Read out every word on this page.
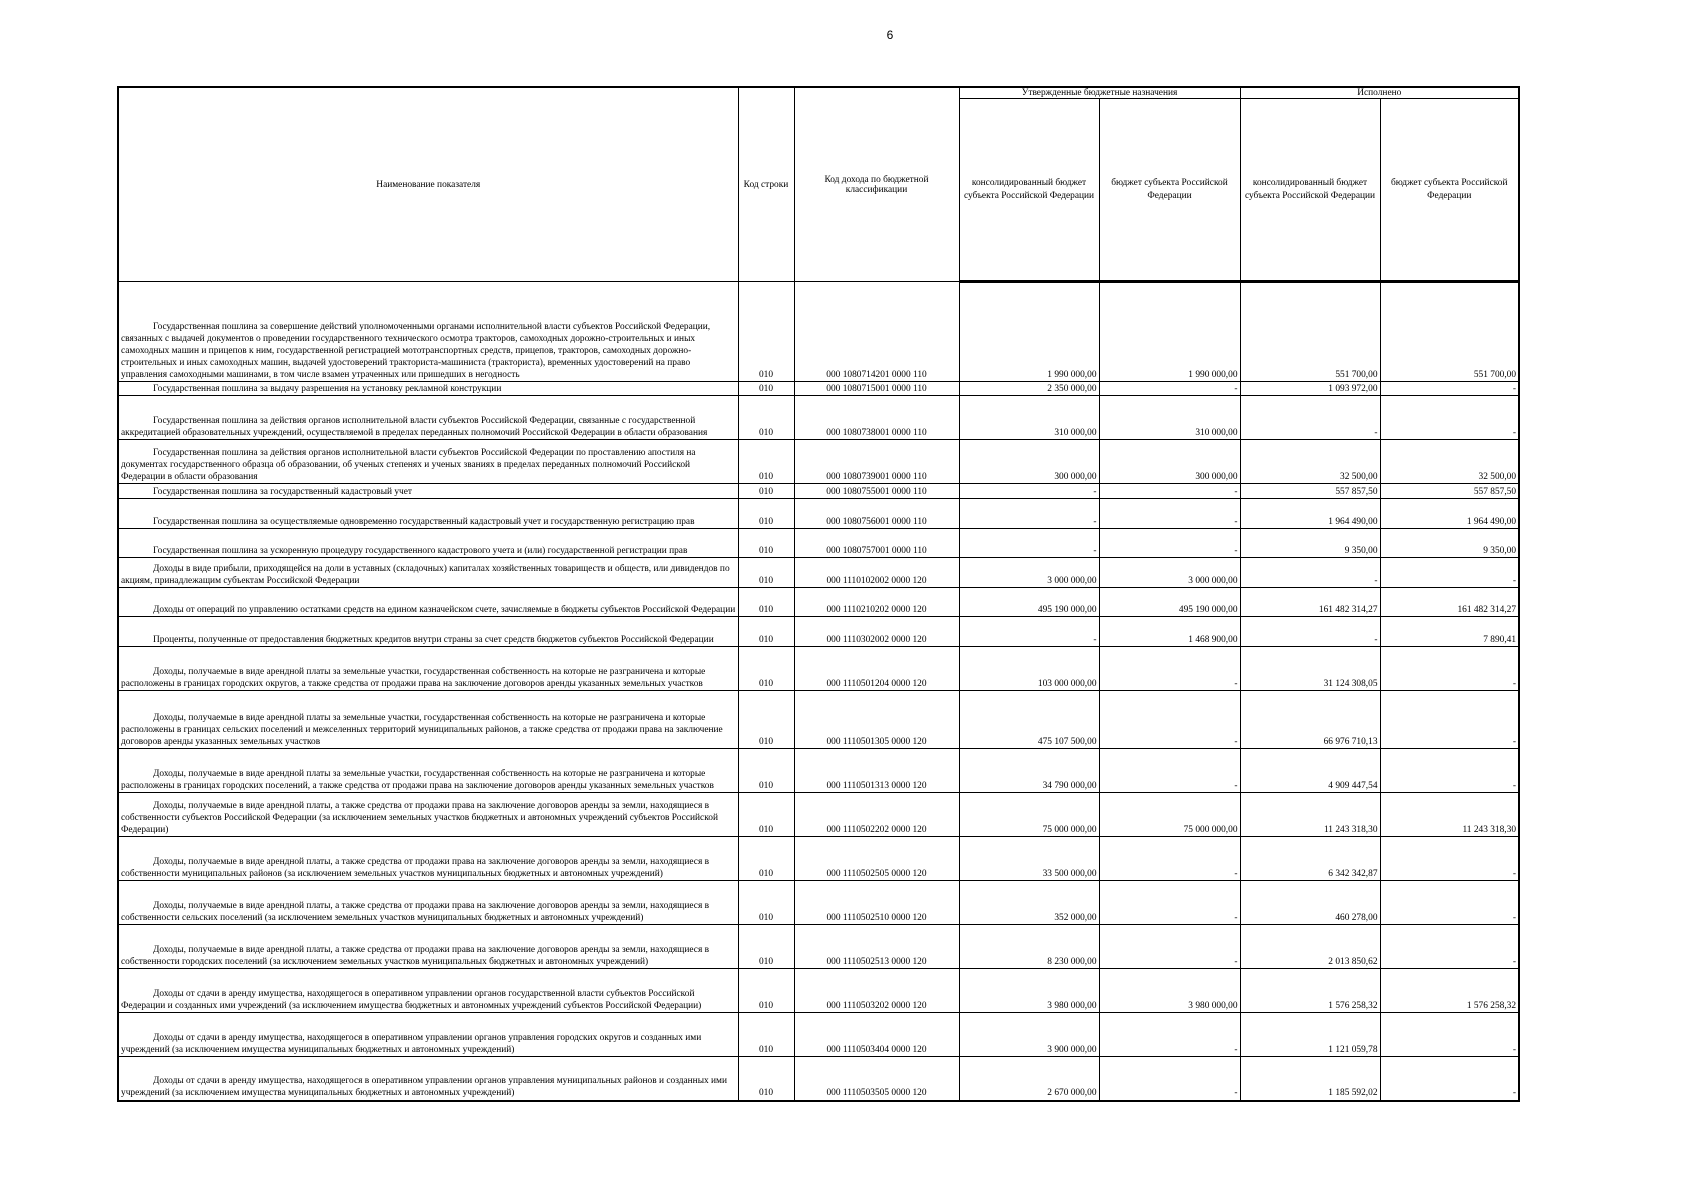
6
Наименование показателя	Код строки	Код дохода по бюджетной классификации	Утвержденные бюджетные назначения		Исполнено	
			консолидированный бюджет субъекта Российской Федерации	бюджет субъекта Российской Федерации	консолидированный бюджет субъекта Российской Федерации	бюджет субъекта Российской Федерации

Государственная пошлина за совершение действий уполномоченными органами исполнительной власти субъектов Российской Федерации, связанных с выдачей документов о проведении государственного технического осмотра тракторов, самоходных дорожно-строительных и иных самоходных машин и прицепов к ним, государственной регистрацией мототранспортных средств, прицепов, тракторов, самоходных дорожно-строительных и иных самоходных машин, выдачей удостоверений тракториста-машиниста (тракториста), временных удостоверений на право управления самоходными машинами, в том числе взамен утраченных или пришедших в негодность	010	000 1080714201 0000 110	1 990 000,00	1 990 000,00	551 700,00	551 700,00

Государственная пошлина за выдачу разрешения на установку рекламной конструкции	010	000 1080715001 0000 110	2 350 000,00	-	1 093 972,00	-

Государственная пошлина за действия органов исполнительной власти субъектов Российской Федерации, связанные с государственной аккредитацией образовательных учреждений, осуществляемой в пределах переданных полномочий Российской Федерации в области образования	010	000 1080738001 0000 110	310 000,00	310 000,00	-	-

Государственная пошлина за действия органов исполнительной власти субъектов Российской Федерации по проставлению апостиля на документах государственного образца об образовании, об ученых степенях и ученых званиях в пределах переданных полномочий Российской Федерации в области образования	010	000 1080739001 0000 110	300 000,00	300 000,00	32 500,00	32 500,00

Государственная пошлина за государственный кадастровый учет	010	000 1080755001 0000 110	-	-	557 857,50	557 857,50

Государственная пошлина за осуществляемые одновременно государственный кадастровый учет и государственную регистрацию прав	010	000 1080756001 0000 110	-	-	1 964 490,00	1 964 490,00

Государственная пошлина за ускоренную процедуру государственного кадастрового учета и (или) государственной регистрации прав	010	000 1080757001 0000 110	-	-	9 350,00	9 350,00

Доходы в виде прибыли, приходящейся на доли в уставных (складочных) капиталах хозяйственных товариществ и обществ, или дивидендов по акциям, принадлежащим субъектам Российской Федерации	010	000 1110102002 0000 120	3 000 000,00	3 000 000,00	-	-

Доходы от операций по управлению остатками средств на едином казначейском счете, зачисляемые в бюджеты субъектов Российской Федерации	010	000 1110210202 0000 120	495 190 000,00	495 190 000,00	161 482 314,27	161 482 314,27

Проценты, полученные от предоставления бюджетных кредитов внутри страны за счет средств бюджетов субъектов Российской Федерации	010	000 1110302002 0000 120	-	1 468 900,00	-	7 890,41

Доходы, получаемые в виде арендной платы за земельные участки, государственная собственность на которые не разграничена и которые расположены в границах городских округов, а также средства от продажи права на заключение договоров аренды указанных земельных участков	010	000 1110501204 0000 120	103 000 000,00	-	31 124 308,05	-

Доходы, получаемые в виде арендной платы за земельные участки, государственная собственность на которые не разграничена и которые расположены в границах сельских поселений и межселенных территорий муниципальных районов, а также средства от продажи права на заключение договоров аренды указанных земельных участков	010	000 1110501305 0000 120	475 107 500,00	-	66 976 710,13	-

Доходы, получаемые в виде арендной платы за земельные участки, государственная собственность на которые не разграничена и которые расположены в границах городских поселений, а также средства от продажи права на заключение договоров аренды указанных земельных участков	010	000 1110501313 0000 120	34 790 000,00	-	4 909 447,54	-

Доходы, получаемые в виде арендной платы, а также средства от продажи права на заключение договоров аренды за земли, находящиеся в собственности субъектов Российской Федерации (за исключением земельных участков бюджетных и автономных учреждений субъектов Российской Федерации)	010	000 1110502202 0000 120	75 000 000,00	75 000 000,00	11 243 318,30	11 243 318,30

Доходы, получаемые в виде арендной платы, а также средства от продажи права на заключение договоров аренды за земли, находящиеся в собственности муниципальных районов (за исключением земельных участков муниципальных бюджетных и автономных учреждений)	010	000 1110502505 0000 120	33 500 000,00	-	6 342 342,87	-

Доходы, получаемые в виде арендной платы, а также средства от продажи права на заключение договоров аренды за земли, находящиеся в собственности сельских поселений (за исключением земельных участков муниципальных бюджетных и автономных учреждений)	010	000 1110502510 0000 120	352 000,00	-	460 278,00	-

Доходы, получаемые в виде арендной платы, а также средства от продажи права на заключение договоров аренды за земли, находящиеся в собственности городских поселений (за исключением земельных участков муниципальных бюджетных и автономных учреждений)	010	000 1110502513 0000 120	8 230 000,00	-	2 013 850,62	-

Доходы от сдачи в аренду имущества, находящегося в оперативном управлении органов государственной власти субъектов Российской Федерации и созданных ими учреждений (за исключением имущества бюджетных и автономных учреждений субъектов Российской Федерации)	010	000 1110503202 0000 120	3 980 000,00	3 980 000,00	1 576 258,32	1 576 258,32

Доходы от сдачи в аренду имущества, находящегося в оперативном управлении органов управления городских округов и созданных ими учреждений (за исключением имущества муниципальных бюджетных и автономных учреждений)	010	000 1110503404 0000 120	3 900 000,00	-	1 121 059,78	-

Доходы от сдачи в аренду имущества, находящегося в оперативном управлении органов управления муниципальных районов и созданных ими учреждений (за исключением имущества муниципальных бюджетных и автономных учреждений)	010	000 1110503505 0000 120	2 670 000,00	-	1 185 592,02	-
